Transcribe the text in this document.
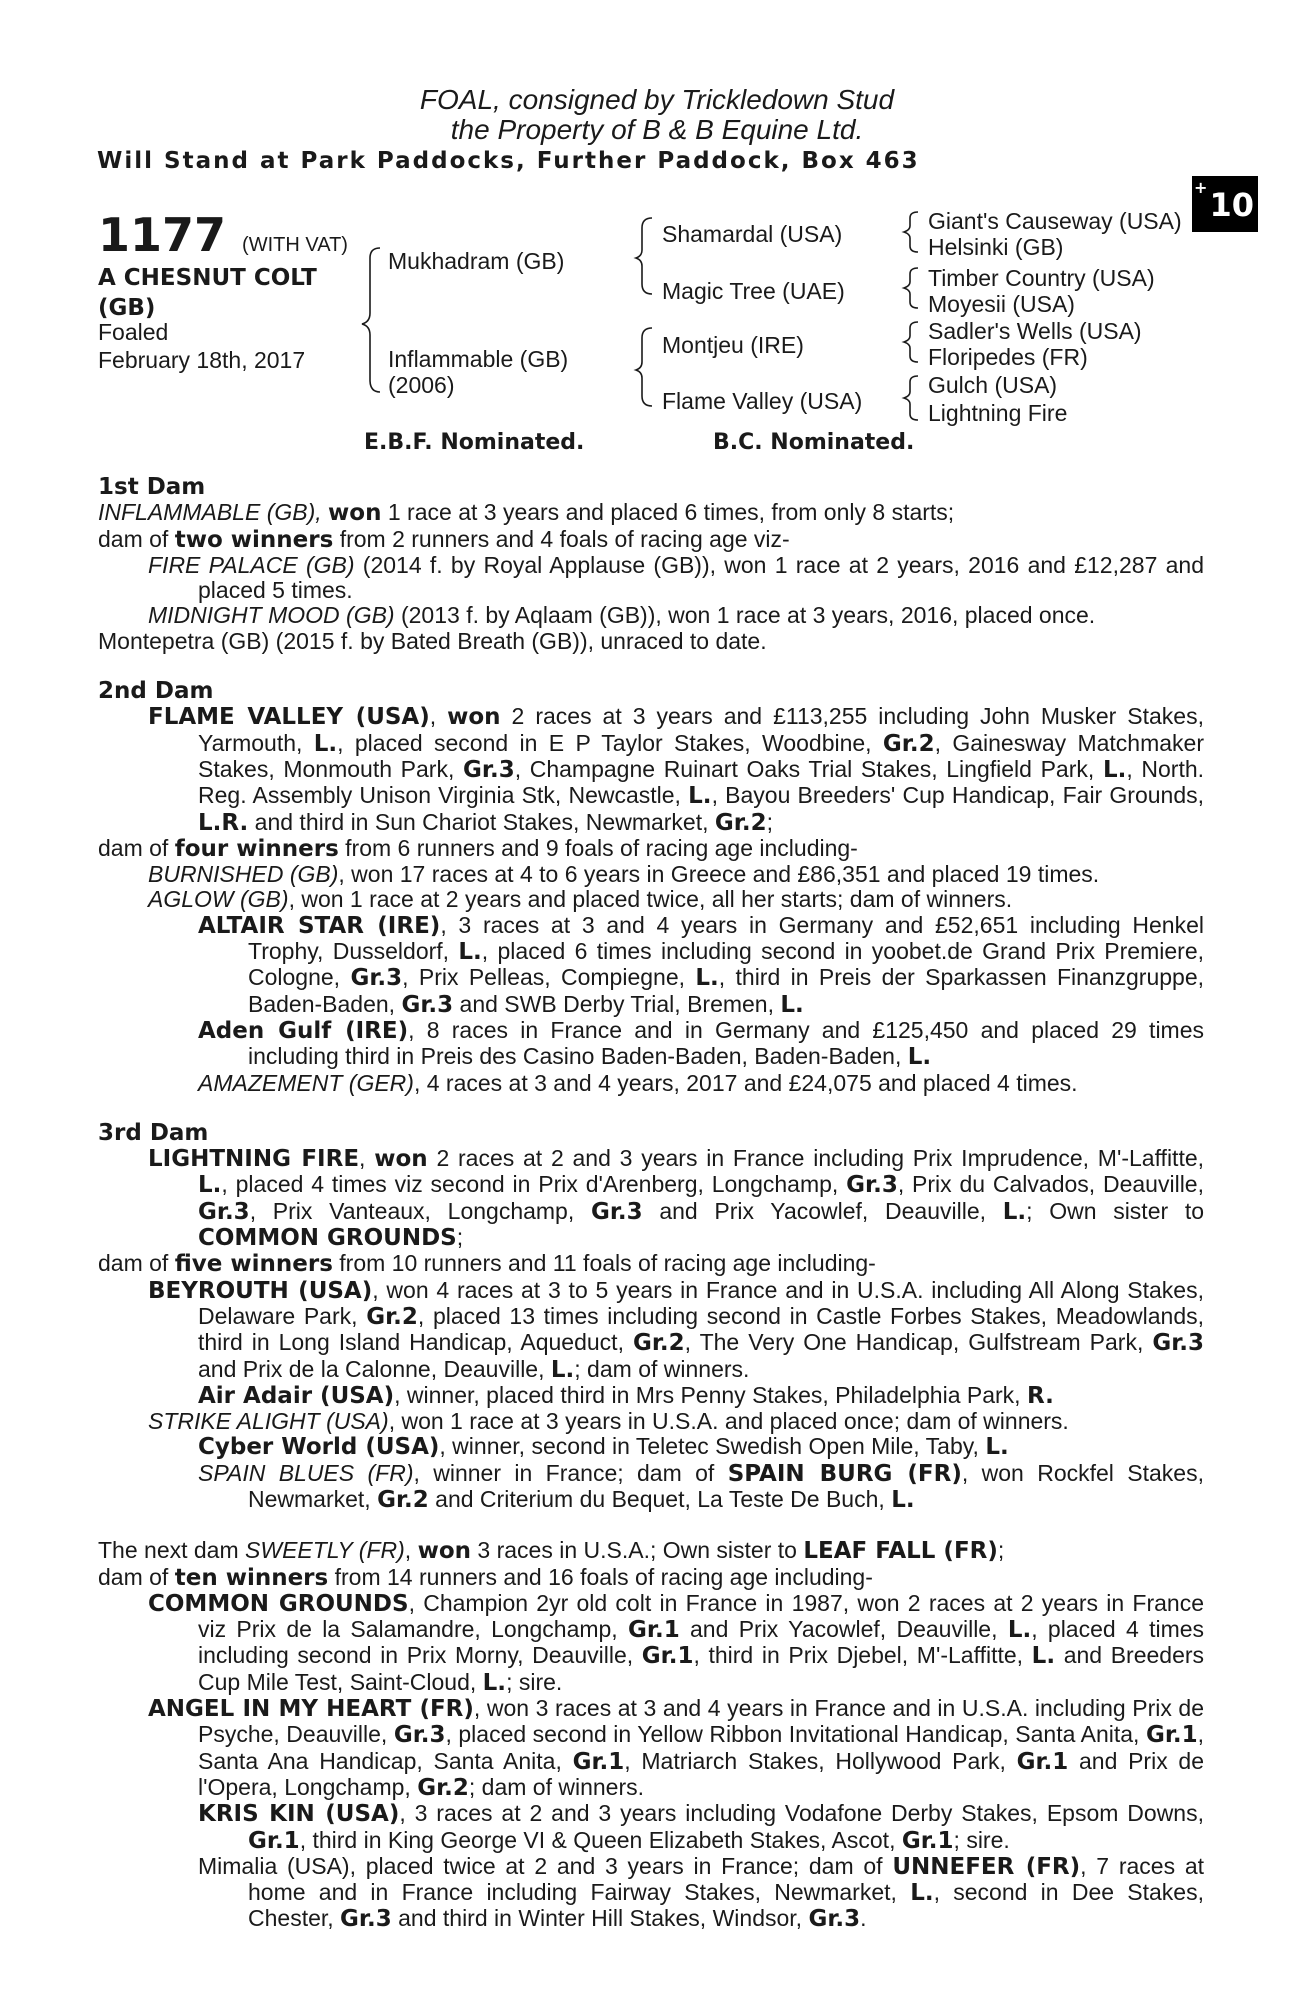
FOAL, consigned by Trickledown Stud
the Property of B & B Equine Ltd.
Will Stand at Park Paddocks, Further Paddock, Box 463
+10
1177 (WITH VAT)
A CHESNUT COLT
(GB)
Foaled
February 18th, 2017
Mukhadram (GB)
Inflammable (GB)
(2006)
Shamardal (USA)
Magic Tree (UAE)
Montjeu (IRE)
Flame Valley (USA)
Giant's Causeway (USA)
Helsinki (GB)
Timber Country (USA)
Moyesii (USA)
Sadler's Wells (USA)
Floripedes (FR)
Gulch (USA)
Lightning Fire
E.B.F. Nominated.	B.C. Nominated.
1st Dam
INFLAMMABLE (GB), won 1 race at 3 years and placed 6 times, from only 8 starts;
dam of two winners from 2 runners and 4 foals of racing age viz-
FIRE PALACE (GB) (2014 f. by Royal Applause (GB)), won 1 race at 2 years, 2016 and £12,287 and placed 5 times.
MIDNIGHT MOOD (GB) (2013 f. by Aqlaam (GB)), won 1 race at 3 years, 2016, placed once.
Montepetra (GB) (2015 f. by Bated Breath (GB)), unraced to date.
2nd Dam
FLAME VALLEY (USA), won 2 races at 3 years and £113,255 including John Musker Stakes, Yarmouth, L., placed second in E P Taylor Stakes, Woodbine, Gr.2, Gainesway Matchmaker Stakes, Monmouth Park, Gr.3, Champagne Ruinart Oaks Trial Stakes, Lingfield Park, L., North. Reg. Assembly Unison Virginia Stk, Newcastle, L., Bayou Breeders' Cup Handicap, Fair Grounds, L.R. and third in Sun Chariot Stakes, Newmarket, Gr.2;
dam of four winners from 6 runners and 9 foals of racing age including-
BURNISHED (GB), won 17 races at 4 to 6 years in Greece and £86,351 and placed 19 times.
AGLOW (GB), won 1 race at 2 years and placed twice, all her starts; dam of winners.
ALTAIR STAR (IRE), 3 races at 3 and 4 years in Germany and £52,651 including Henkel Trophy, Dusseldorf, L., placed 6 times including second in yoobet.de Grand Prix Premiere, Cologne, Gr.3, Prix Pelleas, Compiegne, L., third in Preis der Sparkassen Finanzgruppe, Baden-Baden, Gr.3 and SWB Derby Trial, Bremen, L.
Aden Gulf (IRE), 8 races in France and in Germany and £125,450 and placed 29 times including third in Preis des Casino Baden-Baden, Baden-Baden, L.
AMAZEMENT (GER), 4 races at 3 and 4 years, 2017 and £24,075 and placed 4 times.
3rd Dam
LIGHTNING FIRE, won 2 races at 2 and 3 years in France including Prix Imprudence, M'-Laffitte, L., placed 4 times viz second in Prix d'Arenberg, Longchamp, Gr.3, Prix du Calvados, Deauville, Gr.3, Prix Vanteaux, Longchamp, Gr.3 and Prix Yacowlef, Deauville, L.; Own sister to COMMON GROUNDS;
dam of five winners from 10 runners and 11 foals of racing age including-
BEYROUTH (USA), won 4 races at 3 to 5 years in France and in U.S.A. including All Along Stakes, Delaware Park, Gr.2, placed 13 times including second in Castle Forbes Stakes, Meadowlands, third in Long Island Handicap, Aqueduct, Gr.2, The Very One Handicap, Gulfstream Park, Gr.3 and Prix de la Calonne, Deauville, L.; dam of winners.
Air Adair (USA), winner, placed third in Mrs Penny Stakes, Philadelphia Park, R.
STRIKE ALIGHT (USA), won 1 race at 3 years in U.S.A. and placed once; dam of winners.
Cyber World (USA), winner, second in Teletec Swedish Open Mile, Taby, L.
SPAIN BLUES (FR), winner in France; dam of SPAIN BURG (FR), won Rockfel Stakes, Newmarket, Gr.2 and Criterium du Bequet, La Teste De Buch, L.
The next dam SWEETLY (FR), won 3 races in U.S.A.; Own sister to LEAF FALL (FR);
dam of ten winners from 14 runners and 16 foals of racing age including-
COMMON GROUNDS, Champion 2yr old colt in France in 1987, won 2 races at 2 years in France viz Prix de la Salamandre, Longchamp, Gr.1 and Prix Yacowlef, Deauville, L., placed 4 times including second in Prix Morny, Deauville, Gr.1, third in Prix Djebel, M'-Laffitte, L. and Breeders Cup Mile Test, Saint-Cloud, L.; sire.
ANGEL IN MY HEART (FR), won 3 races at 3 and 4 years in France and in U.S.A. including Prix de Psyche, Deauville, Gr.3, placed second in Yellow Ribbon Invitational Handicap, Santa Anita, Gr.1, Santa Ana Handicap, Santa Anita, Gr.1, Matriarch Stakes, Hollywood Park, Gr.1 and Prix de l'Opera, Longchamp, Gr.2; dam of winners.
KRIS KIN (USA), 3 races at 2 and 3 years including Vodafone Derby Stakes, Epsom Downs, Gr.1, third in King George VI & Queen Elizabeth Stakes, Ascot, Gr.1; sire.
Mimalia (USA), placed twice at 2 and 3 years in France; dam of UNNEFER (FR), 7 races at home and in France including Fairway Stakes, Newmarket, L., second in Dee Stakes, Chester, Gr.3 and third in Winter Hill Stakes, Windsor, Gr.3.
